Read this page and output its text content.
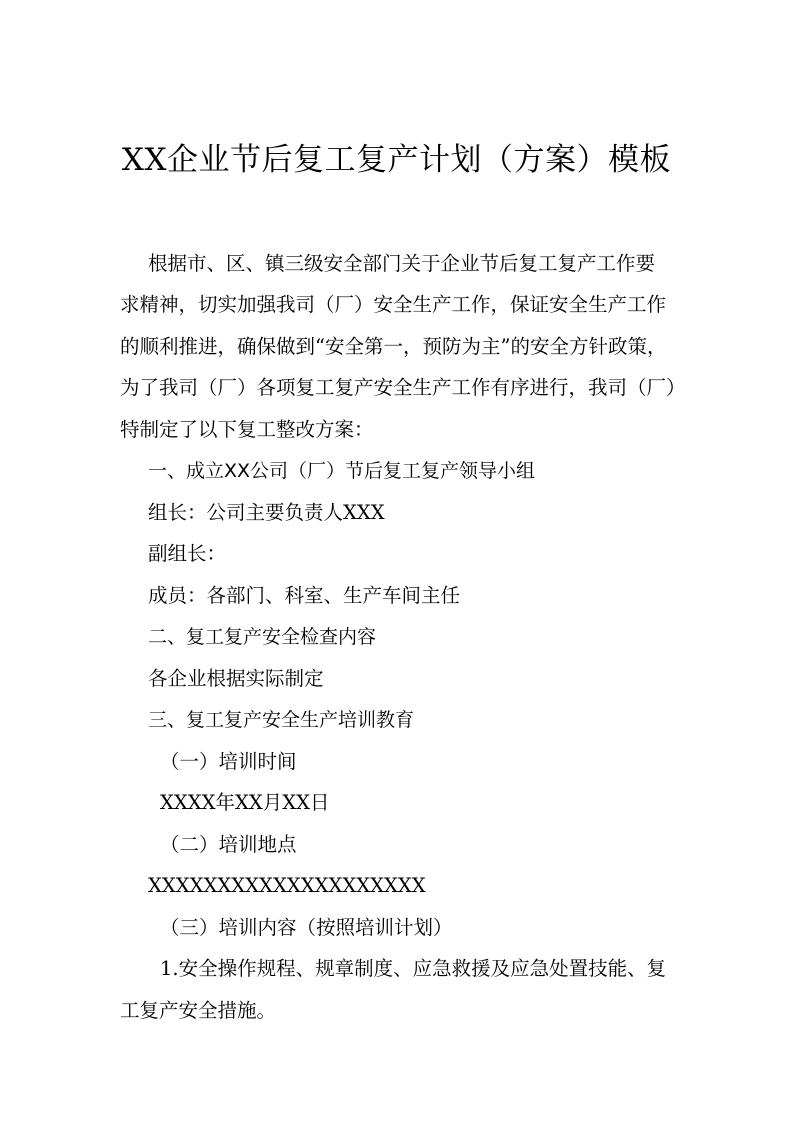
XX企业节后复工复产计划（方案）模板
根据市、区、镇三级安全部门关于企业节后复工复产工作要
求精神，切实加强我司（厂）安全生产工作，保证安全生产工作
的顺利推进，确保做到“安全第一，预防为主”的安全方针政策，
为了我司（厂）各项复工复产安全生产工作有序进行，我司（厂）
特制定了以下复工整改方案：
一、成立XX公司（厂）节后复工复产领导小组
组长：公司主要负责人XXX
副组长：
成员：各部门、科室、生产车间主任
二、复工复产安全检查内容
各企业根据实际制定
三、复工复产安全生产培训教育
（一）培训时间
XXXX年XX月XX日
（二）培训地点
XXXXXXXXXXXXXXXXXXXX
（三）培训内容（按照培训计划）
1.安全操作规程、规章制度、应急救援及应急处置技能、复
工复产安全措施。
